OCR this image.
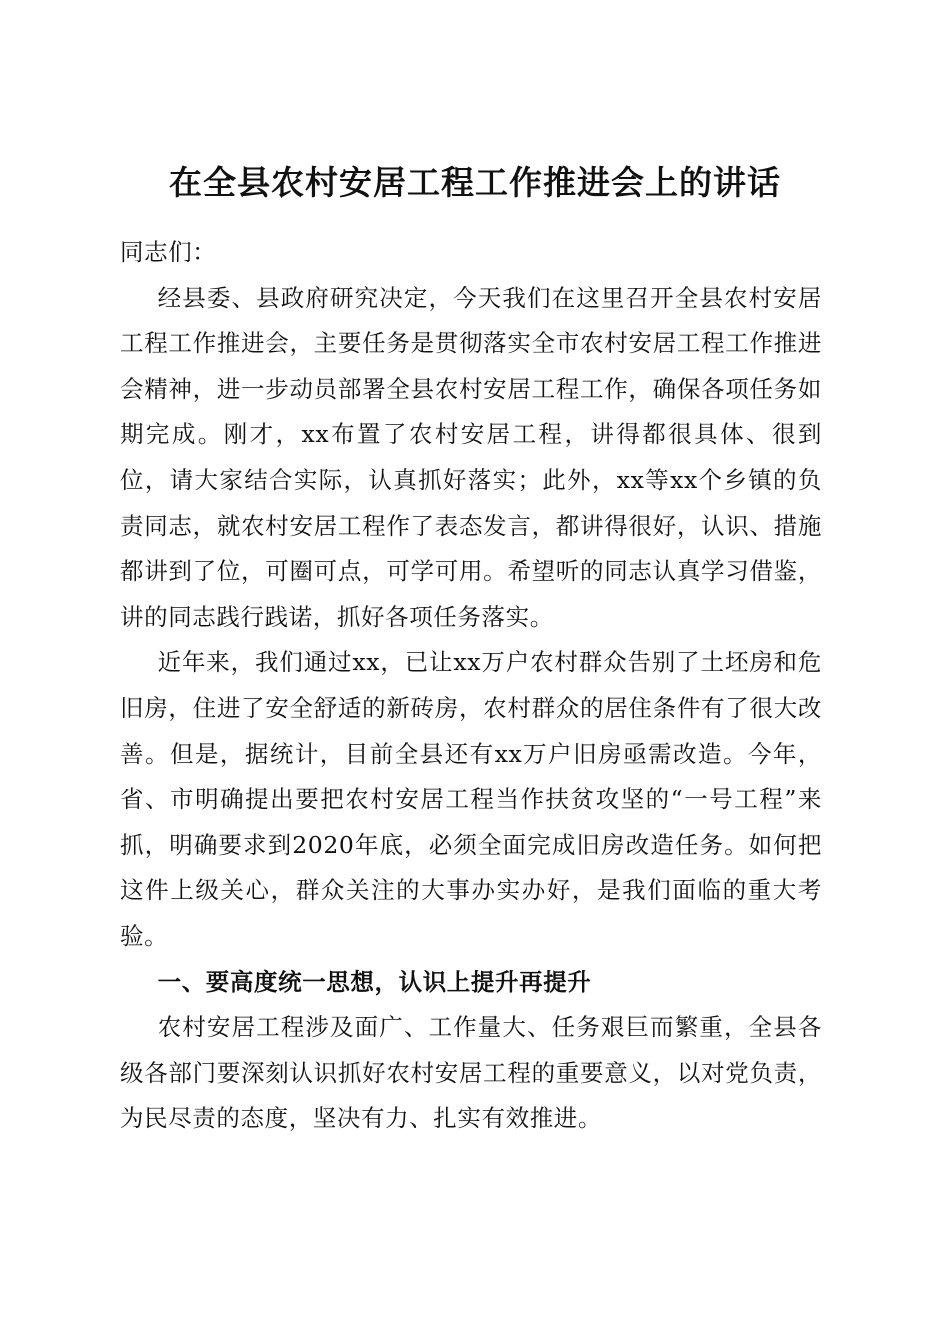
在全县农村安居工程工作推进会上的讲话

同志们：

经县委、县政府研究决定，今天我们在这里召开全县农村安居工程工作推进会，主要任务是贯彻落实全市农村安居工程工作推进会精神，进一步动员部署全县农村安居工程工作，确保各项任务如期完成。刚才，xx布置了农村安居工程，讲得都很具体、很到位，请大家结合实际，认真抓好落实；此外，xx等xx个乡镇的负责同志，就农村安居工程作了表态发言，都讲得很好，认识、措施都讲到了位，可圈可点，可学可用。希望听的同志认真学习借鉴，讲的同志践行践诺，抓好各项任务落实。

近年来，我们通过xx，已让xx万户农村群众告别了土坯房和危旧房，住进了安全舒适的新砖房，农村群众的居住条件有了很大改善。但是，据统计，目前全县还有xx万户旧房亟需改造。今年，省、市明确提出要把农村安居工程当作扶贫攻坚的“一号工程”来抓，明确要求到2020年底，必须全面完成旧房改造任务。如何把这件上级关心，群众关注的大事办实办好，是我们面临的重大考验。

一、要高度统一思想，认识上提升再提升

农村安居工程涉及面广、工作量大、任务艰巨而繁重，全县各级各部门要深刻认识抓好农村安居工程的重要意义，以对党负责，为民尽责的态度，坚决有力、扎实有效推进。
